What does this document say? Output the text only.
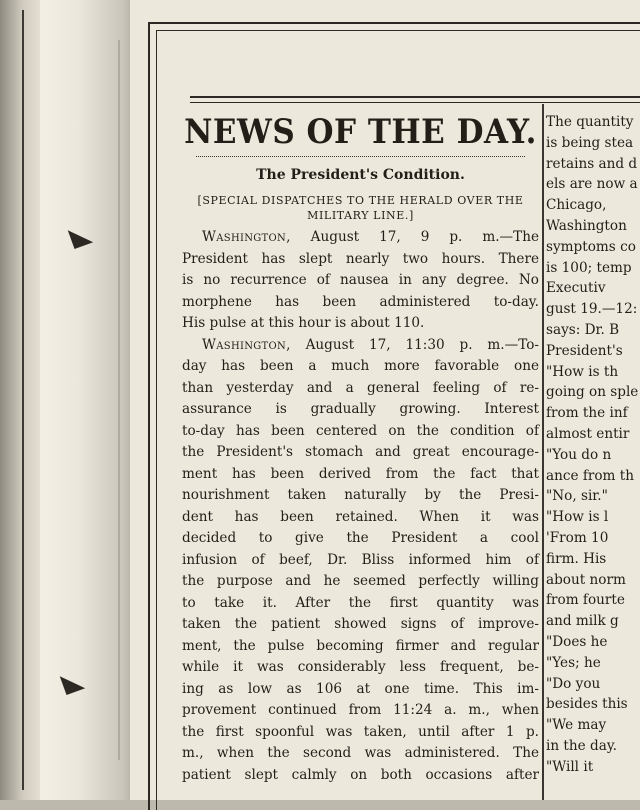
◣
◣
NEWS OF THE DAY.
The President's Condition.
[SPECIAL DISPATCHES TO THE HERALD OVER THE MILITARY LINE.]
Washington, August 17, 9 p. m.—The
President has slept nearly two hours. There
is no recurrence of nausea in any degree. No
morphene has been administered to-day.
His pulse at this hour is about 110.
Washington, August 17, 11:30 p. m.—To-
day has been a much more favorable one
than yesterday and a general feeling of re-
assurance is gradually growing. Interest
to-day has been centered on the condition of
the President's stomach and great encourage-
ment has been derived from the fact that
nourishment taken naturally by the Presi-
dent has been retained. When it was
decided to give the President a cool
infusion of beef, Dr. Bliss informed him of
the purpose and he seemed perfectly willing
to take it. After the first quantity was
taken the patient showed signs of improve-
ment, the pulse becoming firmer and regular
while it was considerably less frequent, be-
ing as low as 106 at one time. This im-
provement continued from 11:24 a. m., when
the first spoonful was taken, until after 1 p.
m., when the second was administered. The
patient slept calmly on both occasions after
The quantity
is being stea
retains and d
els are now a
Chicago,
Washington
symptoms co
is 100; temp
Executiv
gust 19.—12:
says: Dr. B
President's
"How is th
going on sple
from the inf
almost entir
"You do n
ance from th
"No, sir."
"How is l
'From 10
firm. His
about norm
from fourte
and milk g
"Does he
"Yes; he
"Do you
besides this
"We may
in the day.
"Will it
